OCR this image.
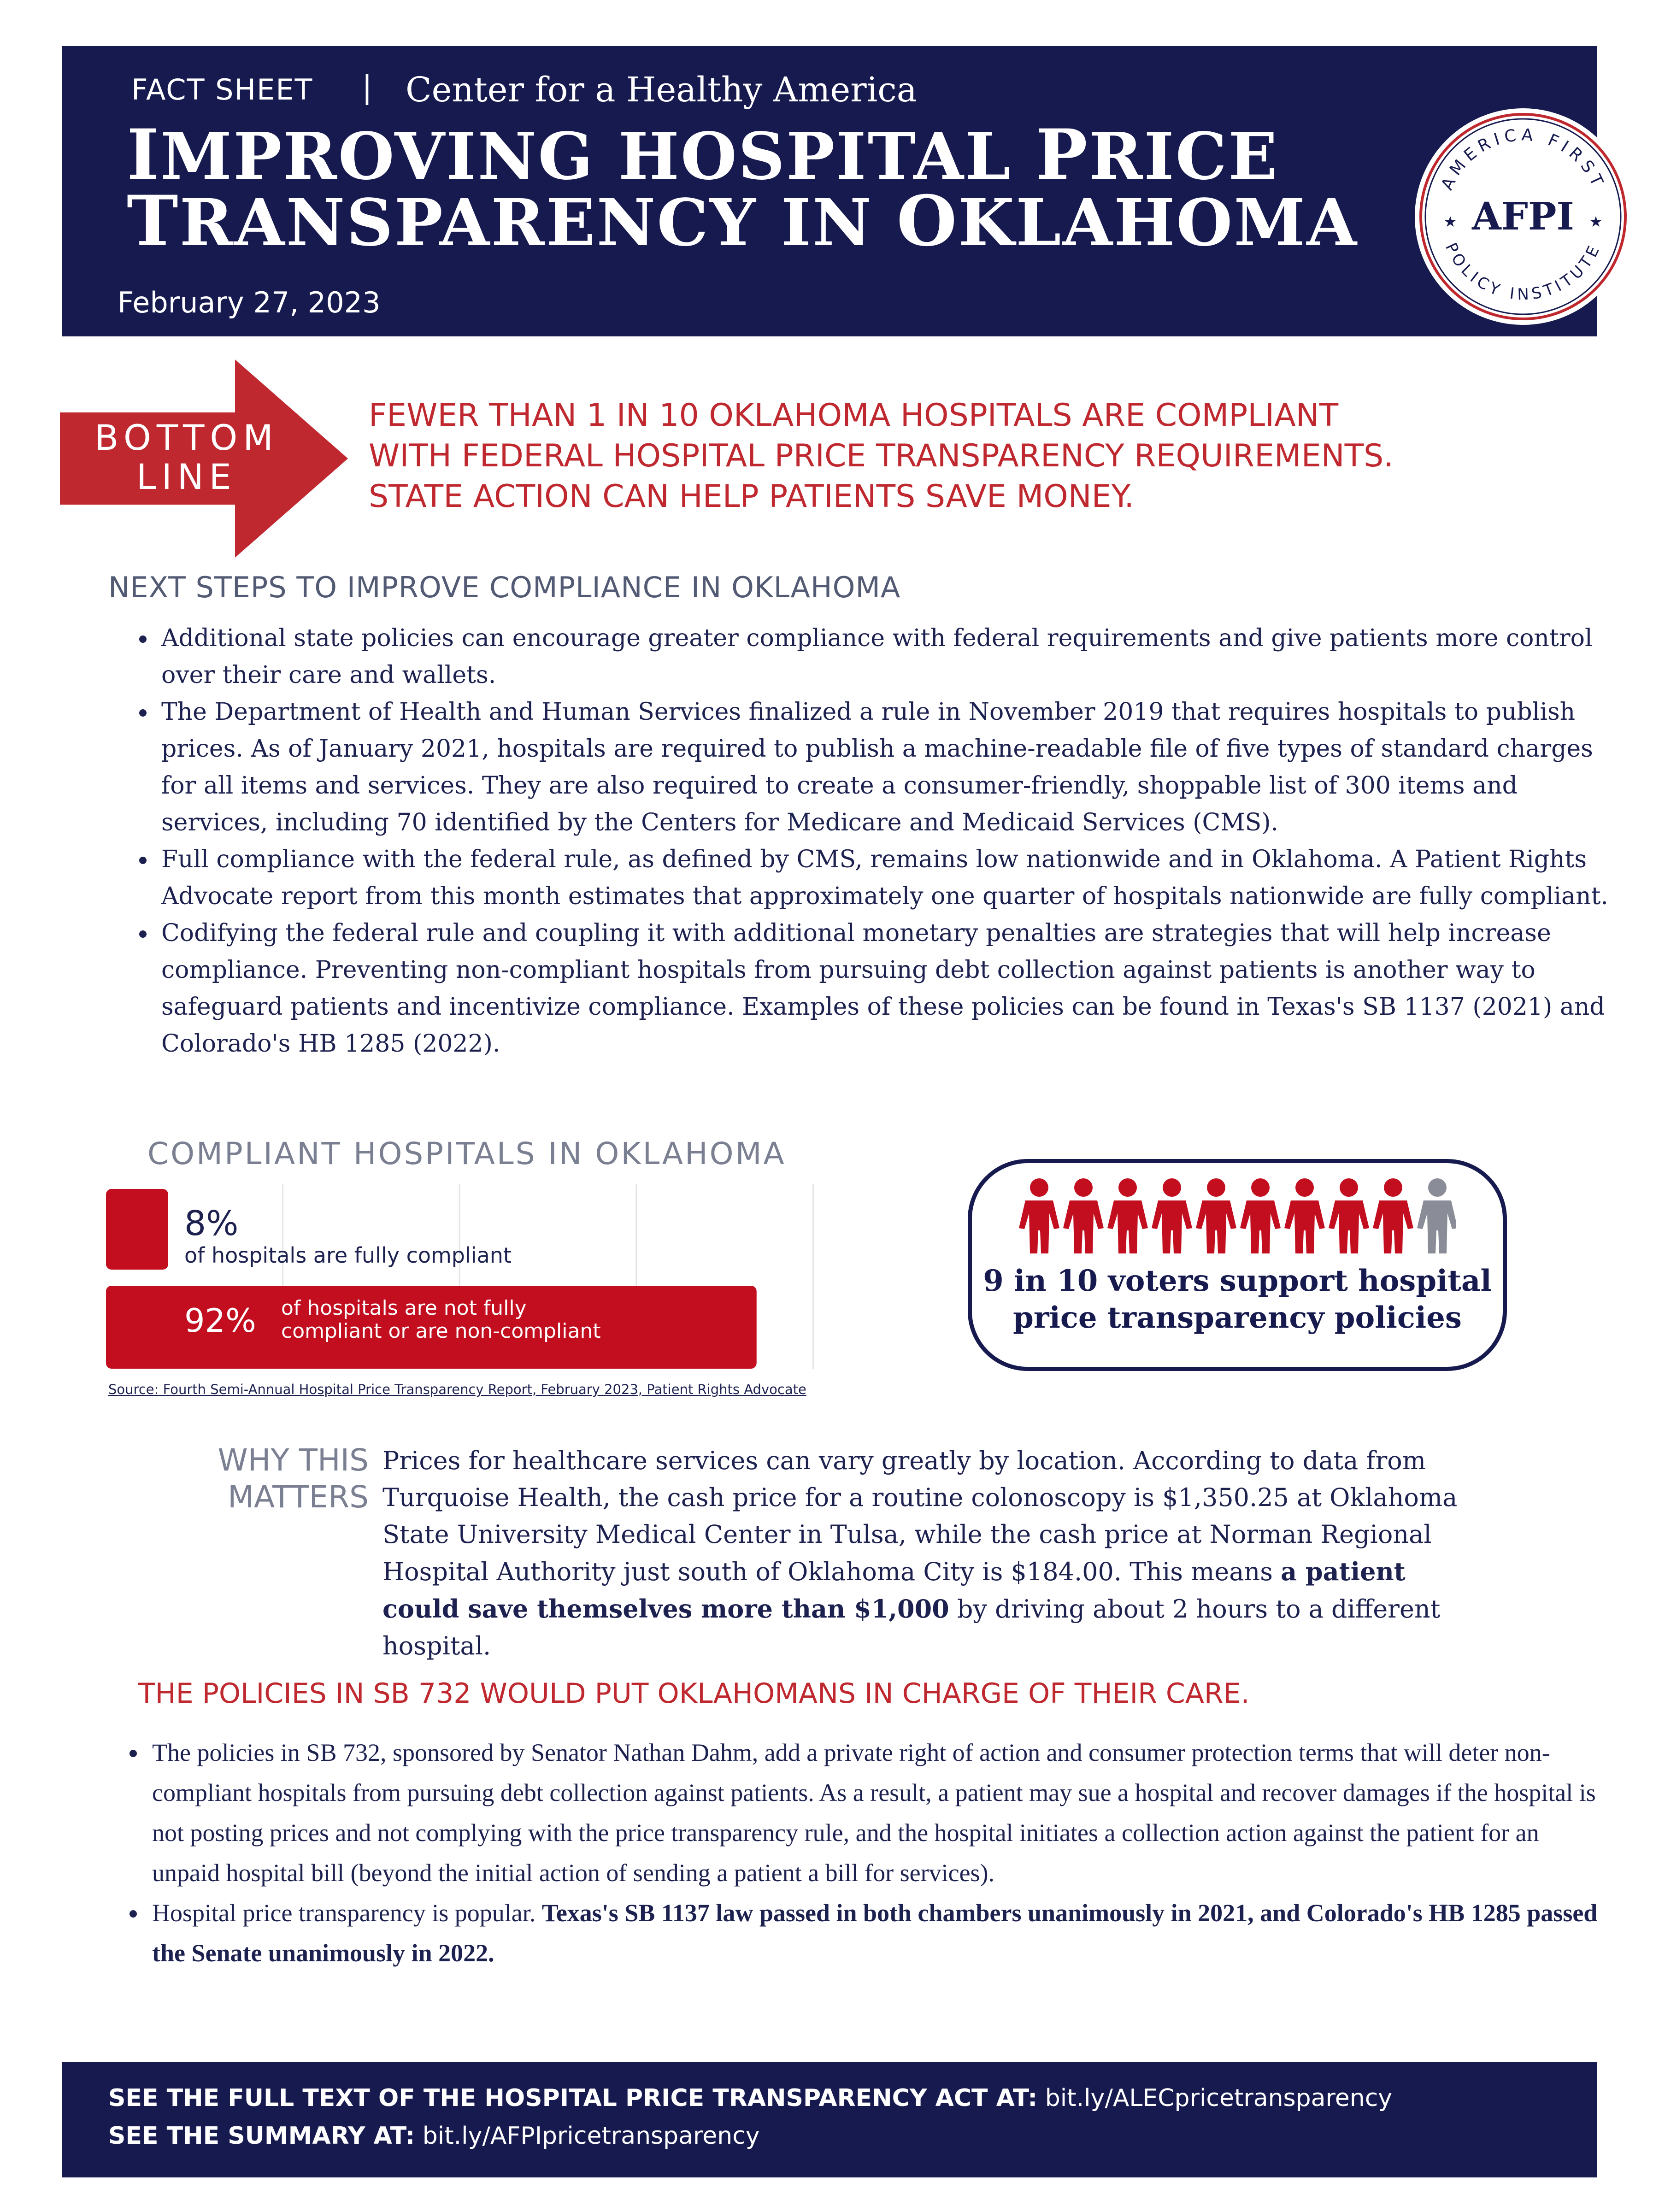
FACT SHEET | Center for a Healthy America
IMPROVING HOSPITAL PRICE
TRANSPARENCY IN OKLAHOMA
February 27, 2023
AMERICA FIRST
POLICY INSTITUTE
AFPI
★	★
BOTTOM
LINE
FEWER THAN 1 IN 10 OKLAHOMA HOSPITALS ARE COMPLIANT
WITH FEDERAL HOSPITAL PRICE TRANSPARENCY REQUIREMENTS.
STATE ACTION CAN HELP PATIENTS SAVE MONEY.
NEXT STEPS TO IMPROVE COMPLIANCE IN OKLAHOMA
• Additional state policies can encourage greater compliance with federal requirements and give patients more control over their care and wallets.
• The Department of Health and Human Services finalized a rule in November 2019 that requires hospitals to publish prices. As of January 2021, hospitals are required to publish a machine-readable file of five types of standard charges for all items and services. They are also required to create a consumer-friendly, shoppable list of 300 items and services, including 70 identified by the Centers for Medicare and Medicaid Services (CMS).
• Full compliance with the federal rule, as defined by CMS, remains low nationwide and in Oklahoma. A Patient Rights Advocate report from this month estimates that approximately one quarter of hospitals nationwide are fully compliant.
• Codifying the federal rule and coupling it with additional monetary penalties are strategies that will help increase compliance. Preventing non-compliant hospitals from pursuing debt collection against patients is another way to safeguard patients and incentivize compliance. Examples of these policies can be found in Texas's SB 1137 (2021) and Colorado's HB 1285 (2022).
COMPLIANT HOSPITALS IN OKLAHOMA
8%
of hospitals are fully compliant
92% of hospitals are not fully
compliant or are non-compliant
Source: Fourth Semi-Annual Hospital Price Transparency Report, February 2023, Patient Rights Advocate
9 in 10 voters support hospital
price transparency policies
WHY THIS
MATTERS
Prices for healthcare services can vary greatly by location. According to data from Turquoise Health, the cash price for a routine colonoscopy is $1,350.25 at Oklahoma State University Medical Center in Tulsa, while the cash price at Norman Regional Hospital Authority just south of Oklahoma City is $184.00. This means a patient could save themselves more than $1,000 by driving about 2 hours to a different hospital.
THE POLICIES IN SB 732 WOULD PUT OKLAHOMANS IN CHARGE OF THEIR CARE.
• The policies in SB 732, sponsored by Senator Nathan Dahm, add a private right of action and consumer protection terms that will deter non-compliant hospitals from pursuing debt collection against patients. As a result, a patient may sue a hospital and recover damages if the hospital is not posting prices and not complying with the price transparency rule, and the hospital initiates a collection action against the patient for an unpaid hospital bill (beyond the initial action of sending a patient a bill for services).
• Hospital price transparency is popular. Texas's SB 1137 law passed in both chambers unanimously in 2021, and Colorado's HB 1285 passed the Senate unanimously in 2022.
SEE THE FULL TEXT OF THE HOSPITAL PRICE TRANSPARENCY ACT AT: bit.ly/ALECpricetransparency
SEE THE SUMMARY AT: bit.ly/AFPIpricetransparency
